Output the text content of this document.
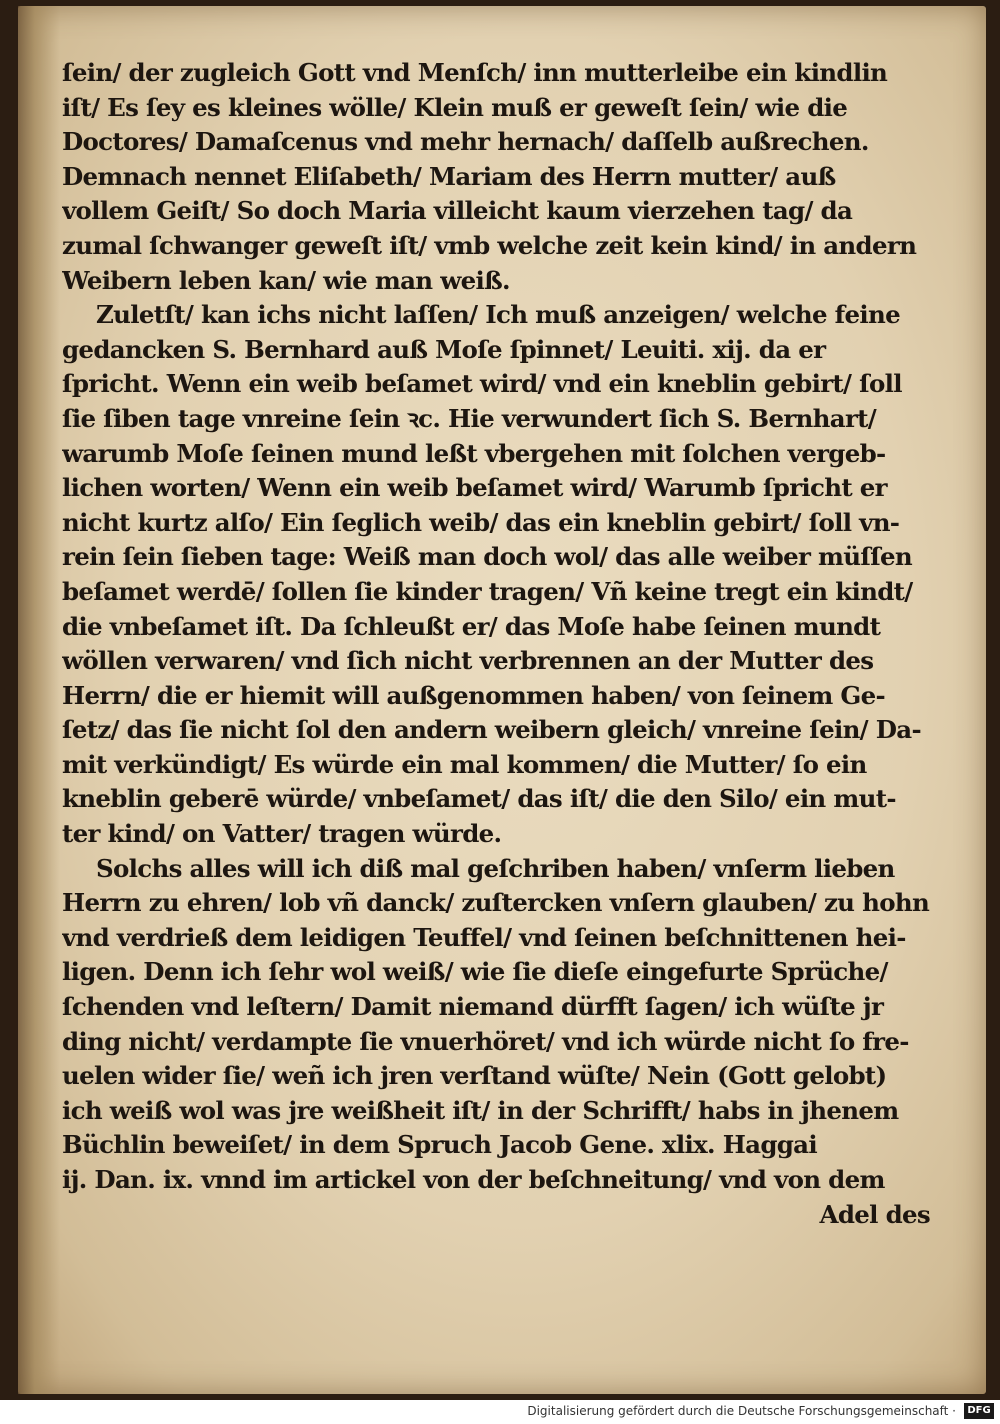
ſein/ der zugleich Gott vnd Menſch/ inn mutterleibe ein kindlin
iſt/ Es ſey es kleines wölle/ Klein muß er geweſt ſein/ wie die
Doctores/ Damaſcenus vnd mehr hernach/ daſſelb außrechen.
Demnach nennet Eliſabeth/ Mariam des Herrn mutter/ auß
vollem Geiſt/ So doch Maria villeicht kaum vierzehen tag/ da
zumal ſchwanger geweſt iſt/ vmb welche zeit kein kind/ in andern
Weibern leben kan/ wie man weiß.
Zuletſt/ kan ichs nicht laſſen/ Ich muß anzeigen/ welche feine
gedancken S. Bernhard auß Moſe ſpinnet/ Leuiti. xij. da er
ſpricht. Wenn ein weib beſamet wird/ vnd ein kneblin gebirt/ ſoll
ſie ſiben tage vnreine ſein ꝛc. Hie verwundert ſich S. Bernhart/
warumb Moſe ſeinen mund leßt vbergehen mit ſolchen vergeb-
lichen worten/ Wenn ein weib beſamet wird/ Warumb ſpricht er
nicht kurtz alſo/ Ein ſeglich weib/ das ein kneblin gebirt/ ſoll vn-
rein ſein ſieben tage: Weiß man doch wol/ das alle weiber müſſen
beſamet werdē/ ſollen ſie kinder tragen/ Vñ keine tregt ein kindt/
die vnbeſamet iſt. Da ſchleußt er/ das Moſe habe ſeinen mundt
wöllen verwaren/ vnd ſich nicht verbrennen an der Mutter des
Herrn/ die er hiemit will außgenommen haben/ von ſeinem Ge-
ſetz/ das ſie nicht ſol den andern weibern gleich/ vnreine ſein/ Da-
mit verkündigt/ Es würde ein mal kommen/ die Mutter/ ſo ein
kneblin geberē würde/ vnbeſamet/ das iſt/ die den Silo/ ein mut-
ter kind/ on Vatter/ tragen würde.
Solchs alles will ich diß mal geſchriben haben/ vnſerm lieben
Herrn zu ehren/ lob vñ danck/ zuſtercken vnſern glauben/ zu hohn
vnd verdrieß dem leidigen Teuffel/ vnd ſeinen beſchnittenen hei-
ligen. Denn ich ſehr wol weiß/ wie ſie dieſe eingefurte Sprüche/
ſchenden vnd leſtern/ Damit niemand dürfft ſagen/ ich wüſte jr
ding nicht/ verdampte ſie vnuerhöret/ vnd ich würde nicht ſo fre-
uelen wider ſie/ weñ ich jren verſtand wüſte/ Nein (Gott gelobt)
ich weiß wol was jre weißheit iſt/ in der Schrifft/ habs in jhenem
Büchlin beweiſet/ in dem Spruch Jacob Gene. xlix. Haggai
ij. Dan. ix. vnnd im artickel von der beſchneitung/ vnd von dem
Adel des
Digitalisierung gefördert durch die Deutsche Forschungsgemeinschaft ·	DFG
